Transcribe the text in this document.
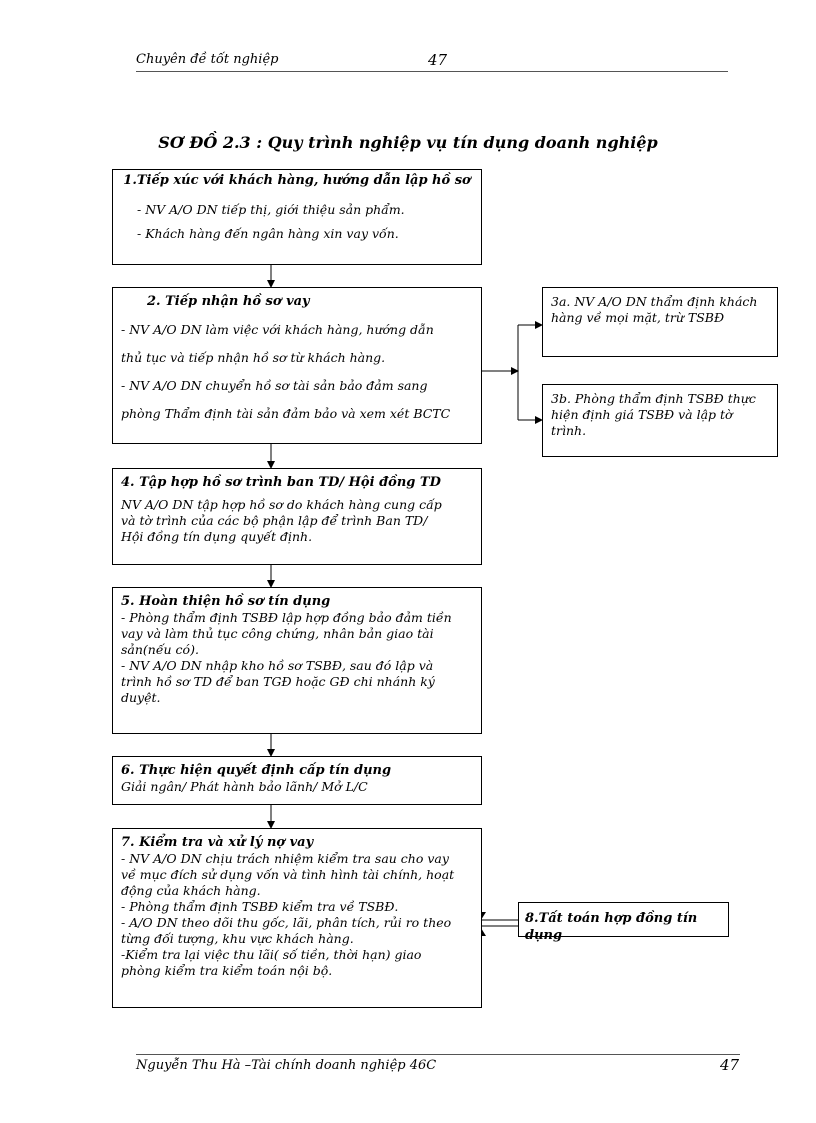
Chuyên đề tốt nghiệp	47
SƠ ĐỒ 2.3 : Quy trình nghiệp vụ tín dụng doanh nghiệp
1.Tiếp xúc với khách hàng, hướng dẫn lập hồ sơ
- NV A/O DN tiếp thị, giới thiệu sản phẩm.
- Khách hàng đến ngân hàng xin vay vốn.
2. Tiếp nhận hồ sơ vay
- NV A/O DN làm việc với khách hàng, hướng dẫn
thủ tục và tiếp nhận hồ sơ từ khách hàng.
- NV A/O DN chuyển hồ sơ tài sản bảo đảm sang
phòng Thẩm định tài sản đảm bảo và xem xét BCTC
3a. NV A/O DN thẩm định khách hàng về mọi mặt, trừ TSBĐ
3b. Phòng thẩm định TSBĐ thực hiện định giá TSBĐ và lập tờ trình.
4. Tập hợp hồ sơ trình ban TD/ Hội đồng TD
NV A/O DN tập hợp hồ sơ do khách hàng cung cấp
và tờ trình của các bộ phận lập để trình Ban TD/
Hội đồng tín dụng quyết định.
5. Hoàn thiện hồ sơ tín dụng
- Phòng thẩm định TSBĐ lập hợp đồng bảo đảm tiền
vay và làm thủ tục công chứng, nhân bản giao tài
sản(nếu có).
- NV A/O DN nhập kho hồ sơ TSBĐ, sau đó lập và
trình hồ sơ TD để ban TGĐ hoặc GĐ chi nhánh ký
duyệt.
6. Thực hiện quyết định cấp tín dụng
Giải ngân/ Phát hành bảo lãnh/ Mở L/C
7. Kiểm tra và xử lý nợ vay
- NV A/O DN chịu trách nhiệm kiểm tra sau cho vay
về mục đích sử dụng vốn và tình hình tài chính, hoạt
động của khách hàng.
- Phòng thẩm định TSBĐ kiểm tra về TSBĐ.
- A/O DN theo dõi thu gốc, lãi, phân tích, rủi ro theo
từng đối tượng, khu vực khách hàng.
-Kiểm tra lại việc thu lãi( số tiền, thời hạn) giao
phòng kiểm tra kiểm toán nội bộ.
8.Tất toán hợp đồng tín dụng
Nguyễn Thu Hà –Tài chính doanh nghiệp 46C	47
